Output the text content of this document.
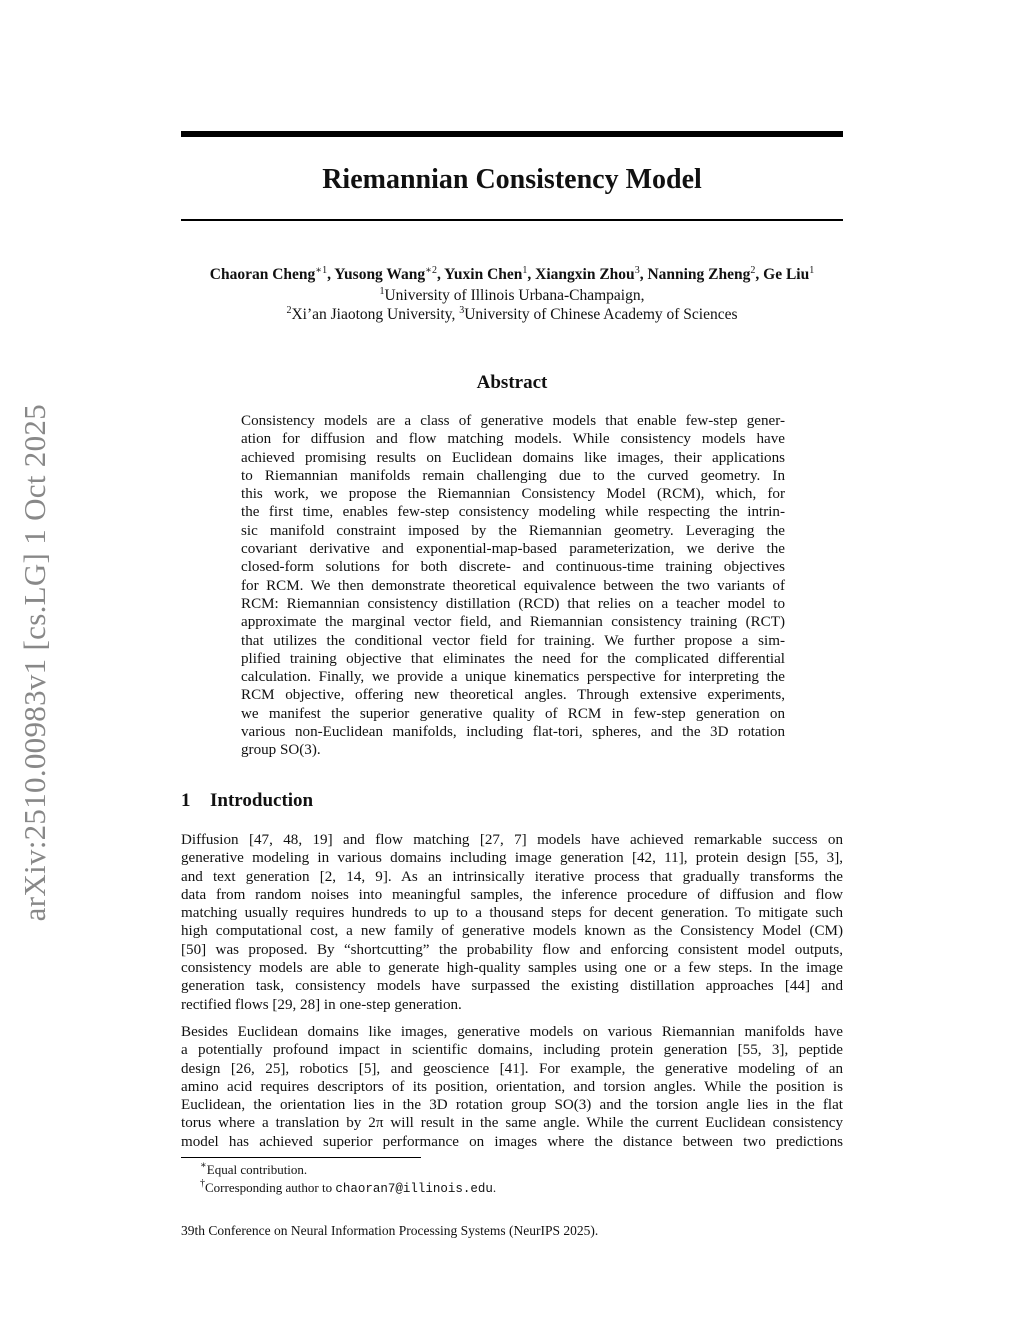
arXiv:2510.00983v1 [cs.LG] 1 Oct 2025
Riemannian Consistency Model
Chaoran Cheng$^{∗1}$, Yusong Wang$^{∗2}$, Yuxin Chen$^1$, Xiangxin Zhou$^3$, Nanning Zheng$^2$, Ge Liu$^1$
$^1$University of Illinois Urbana-Champaign,
$^2$Xi’an Jiaotong University, $^3$University of Chinese Academy of Sciences
Abstract
Consistency models are a class of generative models that enable few-step gener-
ation for diffusion and flow matching models. While consistency models have
achieved promising results on Euclidean domains like images, their applications
to Riemannian manifolds remain challenging due to the curved geometry. In
this work, we propose the Riemannian Consistency Model (RCM), which, for
the first time, enables few-step consistency modeling while respecting the intrin-
sic manifold constraint imposed by the Riemannian geometry. Leveraging the
covariant derivative and exponential-map-based parameterization, we derive the
closed-form solutions for both discrete- and continuous-time training objectives
for RCM. We then demonstrate theoretical equivalence between the two variants of
RCM: Riemannian consistency distillation (RCD) that relies on a teacher model to
approximate the marginal vector field, and Riemannian consistency training (RCT)
that utilizes the conditional vector field for training. We further propose a sim-
plified training objective that eliminates the need for the complicated differential
calculation. Finally, we provide a unique kinematics perspective for interpreting the
RCM objective, offering new theoretical angles. Through extensive experiments,
we manifest the superior generative quality of RCM in few-step generation on
various non-Euclidean manifolds, including flat-tori, spheres, and the 3D rotation
group SO(3).
1 Introduction
Diffusion [47, 48, 19] and flow matching [27, 7] models have achieved remarkable success on
generative modeling in various domains including image generation [42, 11], protein design [55, 3],
and text generation [2, 14, 9]. As an intrinsically iterative process that gradually transforms the
data from random noises into meaningful samples, the inference procedure of diffusion and flow
matching usually requires hundreds to up to a thousand steps for decent generation. To mitigate such
high computational cost, a new family of generative models known as the Consistency Model (CM)
[50] was proposed. By “shortcutting” the probability flow and enforcing consistent model outputs,
consistency models are able to generate high-quality samples using one or a few steps. In the image
generation task, consistency models have surpassed the existing distillation approaches [44] and
rectified flows [29, 28] in one-step generation.
Besides Euclidean domains like images, generative models on various Riemannian manifolds have
a potentially profound impact in scientific domains, including protein generation [55, 3], peptide
design [26, 25], robotics [5], and geoscience [41]. For example, the generative modeling of an
amino acid requires descriptors of its position, orientation, and torsion angles. While the position is
Euclidean, the orientation lies in the 3D rotation group SO(3) and the torsion angle lies in the flat
torus where a translation by 2π will result in the same angle. While the current Euclidean consistency
model has achieved superior performance on images where the distance between two predictions
∗Equal contribution.
†Corresponding author to chaoran7@illinois.edu.
39th Conference on Neural Information Processing Systems (NeurIPS 2025).
